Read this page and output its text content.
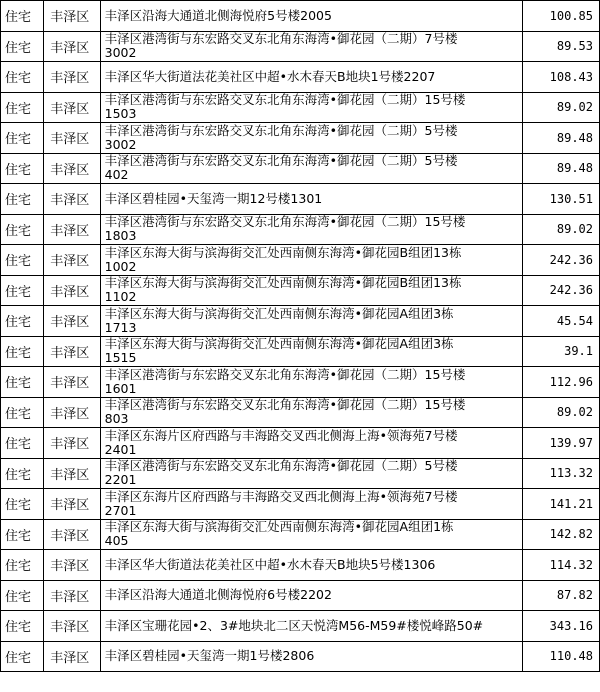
住宅	丰泽区	丰泽区沿海大通道北侧海悦府5号楼2005	100.85
住宅	丰泽区	丰泽区港湾街与东宏路交叉东北角东海湾•御花园（二期）7号楼
3002	89.53
住宅	丰泽区	丰泽区华大街道法花美社区中超•水木春天B地块1号楼2207	108.43
住宅	丰泽区	丰泽区港湾街与东宏路交叉东北角东海湾•御花园（二期）15号楼
1503	89.02
住宅	丰泽区	丰泽区港湾街与东宏路交叉东北角东海湾•御花园（二期）5号楼
3002	89.48
住宅	丰泽区	丰泽区港湾街与东宏路交叉东北角东海湾•御花园（二期）5号楼
402	89.48
住宅	丰泽区	丰泽区碧桂园•天玺湾一期12号楼1301	130.51
住宅	丰泽区	丰泽区港湾街与东宏路交叉东北角东海湾•御花园（二期）15号楼
1803	89.02
住宅	丰泽区	丰泽区东海大街与滨海街交汇处西南侧东海湾•御花园B组团13栋
1002	242.36
住宅	丰泽区	丰泽区东海大街与滨海街交汇处西南侧东海湾•御花园B组团13栋
1102	242.36
住宅	丰泽区	丰泽区东海大街与滨海街交汇处西南侧东海湾•御花园A组团3栋
1713	45.54
住宅	丰泽区	丰泽区东海大街与滨海街交汇处西南侧东海湾•御花园A组团3栋
1515	39.1
住宅	丰泽区	丰泽区港湾街与东宏路交叉东北角东海湾•御花园（二期）15号楼
1601	112.96
住宅	丰泽区	丰泽区港湾街与东宏路交叉东北角东海湾•御花园（二期）15号楼
803	89.02
住宅	丰泽区	丰泽区东海片区府西路与丰海路交叉西北侧海上海•领海苑7号楼
2401	139.97
住宅	丰泽区	丰泽区港湾街与东宏路交叉东北角东海湾•御花园（二期）5号楼
2201	113.32
住宅	丰泽区	丰泽区东海片区府西路与丰海路交叉西北侧海上海•领海苑7号楼
2701	141.21
住宅	丰泽区	丰泽区东海大街与滨海街交汇处西南侧东海湾•御花园A组团1栋
405	142.82
住宅	丰泽区	丰泽区华大街道法花美社区中超•水木春天B地块5号楼1306	114.32
住宅	丰泽区	丰泽区沿海大通道北侧海悦府6号楼2202	87.82
住宅	丰泽区	丰泽区宝珊花园•2、3#地块北二区天悦湾M56-M59#楼悦峰路50#	343.16
住宅	丰泽区	丰泽区碧桂园•天玺湾一期1号楼2806	110.48
